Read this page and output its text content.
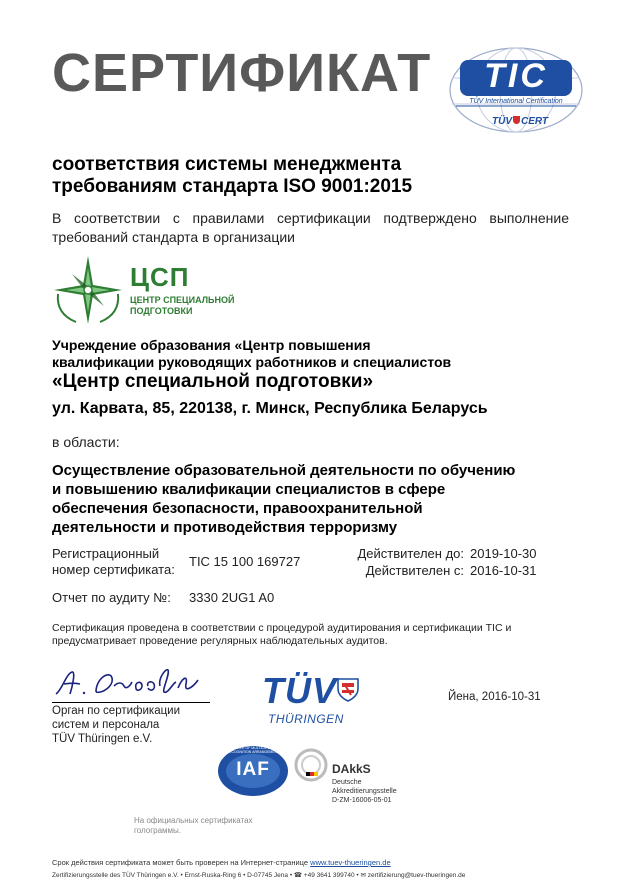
СЕРТИФИКАТ	TIC
TÜV International Certification
TÜV CERT
соответствия системы менеджмента
требованиям стандарта ISO 9001:2015
В соответствии с правилами сертификации подтверждено выполнение требований стандарта в организации
ЦСП
ЦЕНТР СПЕЦИАЛЬНОЙ
ПОДГОТОВКИ
Учреждение образования «Центр повышения
квалификации руководящих работников и специалистов
«Центр специальной подготовки»
ул. Карвата, 85, 220138, г. Минск, Республика Беларусь
в области:
Осуществление образовательной деятельности по обучению
и повышению квалификации специалистов в сфере
обеспечения безопасности, правоохранительной
деятельности и противодействия терроризму
Регистрационный
номер сертификата:
TIC 15 100 169727
Действителен до: 2019-10-30
Действителен с: 2016-10-31
Отчет по аудиту №: 3330 2UG1 A0
Сертификация проведена в соответствии с процедурой аудитирования и сертификации TIC и
предусматривает проведение регулярных наблюдательных аудитов.
Орган по сертификации
систем и персонала
TÜV Thüringen e.V.
TÜV
THÜRINGEN
Йена, 2016-10-31
IAF
MEMBER OF MULTILATERAL RECOGNITION ARRANGEMENT
DAkkS
Deutsche
Akkreditierungsstelle
D-ZM-16006-05-01
На официальных сертификатах
голограммы.
Срок действия сертификата может быть проверен на Интернет-странице www.tuev-thueringen.de
Zertifizierungsstelle des TÜV Thüringen e.V. • Ernst-Ruska-Ring 6 • D-07745 Jena • ☎ +49 3641 399740 • ✉ zertifizierung@tuev-thueringen.de
